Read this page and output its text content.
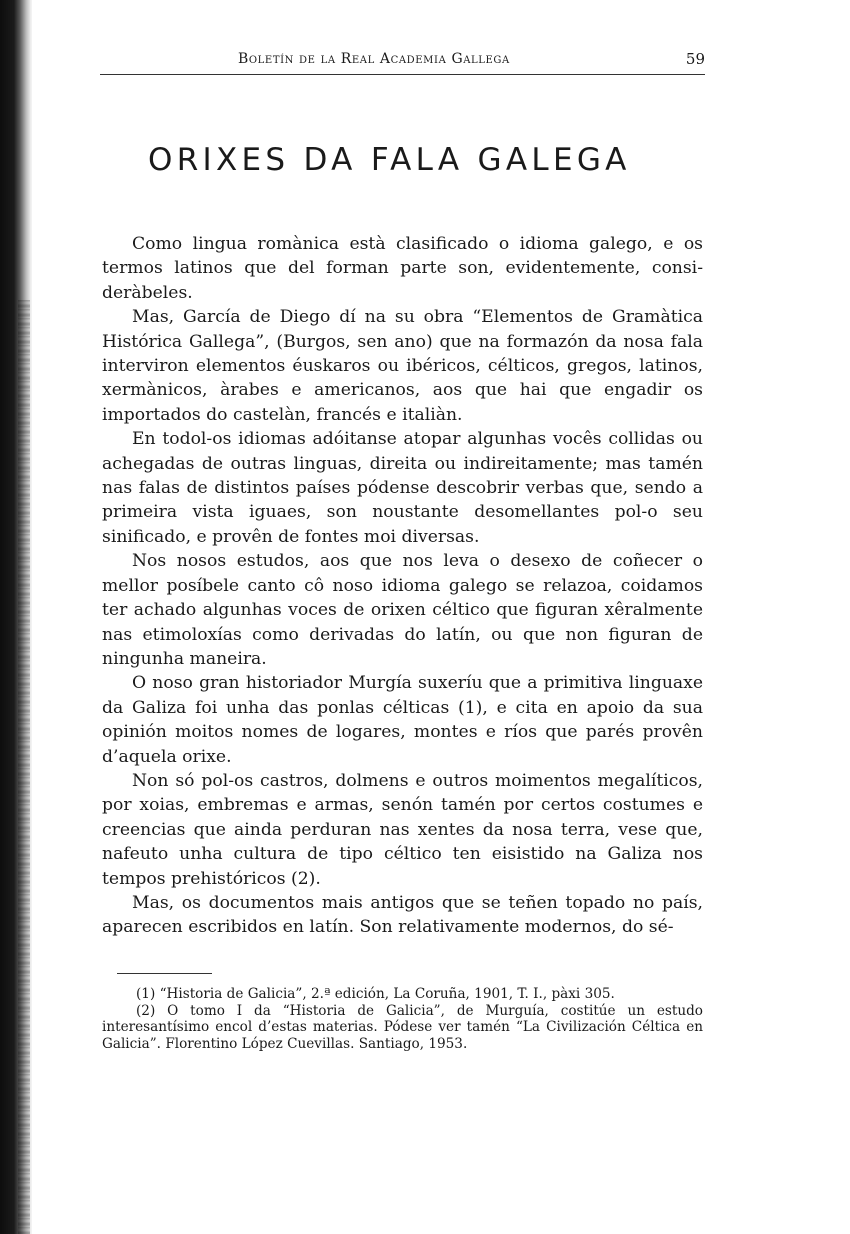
Boletín de la Real Academia Gallega	59
ORIXES DA FALA GALEGA

Como lingua romànica està clasificado o idioma galego, e os termos latinos que del forman parte son, evidentemente, consideràbeles.

Mas, García de Diego dí na su obra “Elementos de Gramàtica Histórica Gallega”, (Burgos, sen ano) que na formazón da nosa fala interviron elementos éuskaros ou ibéricos, célticos, gregos, latinos, xermànicos, àrabes e americanos, aos que hai que engadir os importados do castelàn, francés e italiàn.

En todol-os idiomas adóitanse atopar algunhas vocês collidas ou achegadas de outras linguas, direita ou indireitamente; mas tamén nas falas de distintos países pódense descobrir verbas que, sendo a primeira vista iguaes, son noustante desomellantes pol-o seu sinificado, e provên de fontes moi diversas.

Nos nosos estudos, aos que nos leva o desexo de coñecer o mellor posíbele canto cô noso idioma galego se relazoa, coidamos ter achado algunhas voces de orixen céltico que figuran xêralmente nas etimoloxías como derivadas do latín, ou que non figuran de ningunha maneira.

O noso gran historiador Murgía suxeríu que a primitiva linguaxe da Galiza foi unha das ponlas célticas (1), e cita en apoio da sua opinión moitos nomes de logares, montes e ríos que parés provên d’aquela orixe.

Non só pol-os castros, dolmens e outros moimentos megalíticos, por xoias, embremas e armas, senón tamén por certos costumes e creencias que ainda perduran nas xentes da nosa terra, vese que, nafeuto unha cultura de tipo céltico ten eisistido na Galiza nos tempos prehistóricos (2).

Mas, os documentos mais antigos que se teñen topado no país, aparecen escribidos en latín. Son relativamente modernos, do sé-

(1) “Historia de Galicia”, 2.ª edición, La Coruña, 1901, T. I., pàxi 305.

(2) O tomo I da “Historia de Galicia”, de Murguía, costitúe un estudo interesantísimo encol d’estas materias. Pódese ver tamén “La Civilización Céltica en Galicia”. Florentino López Cuevillas. Santiago, 1953.
